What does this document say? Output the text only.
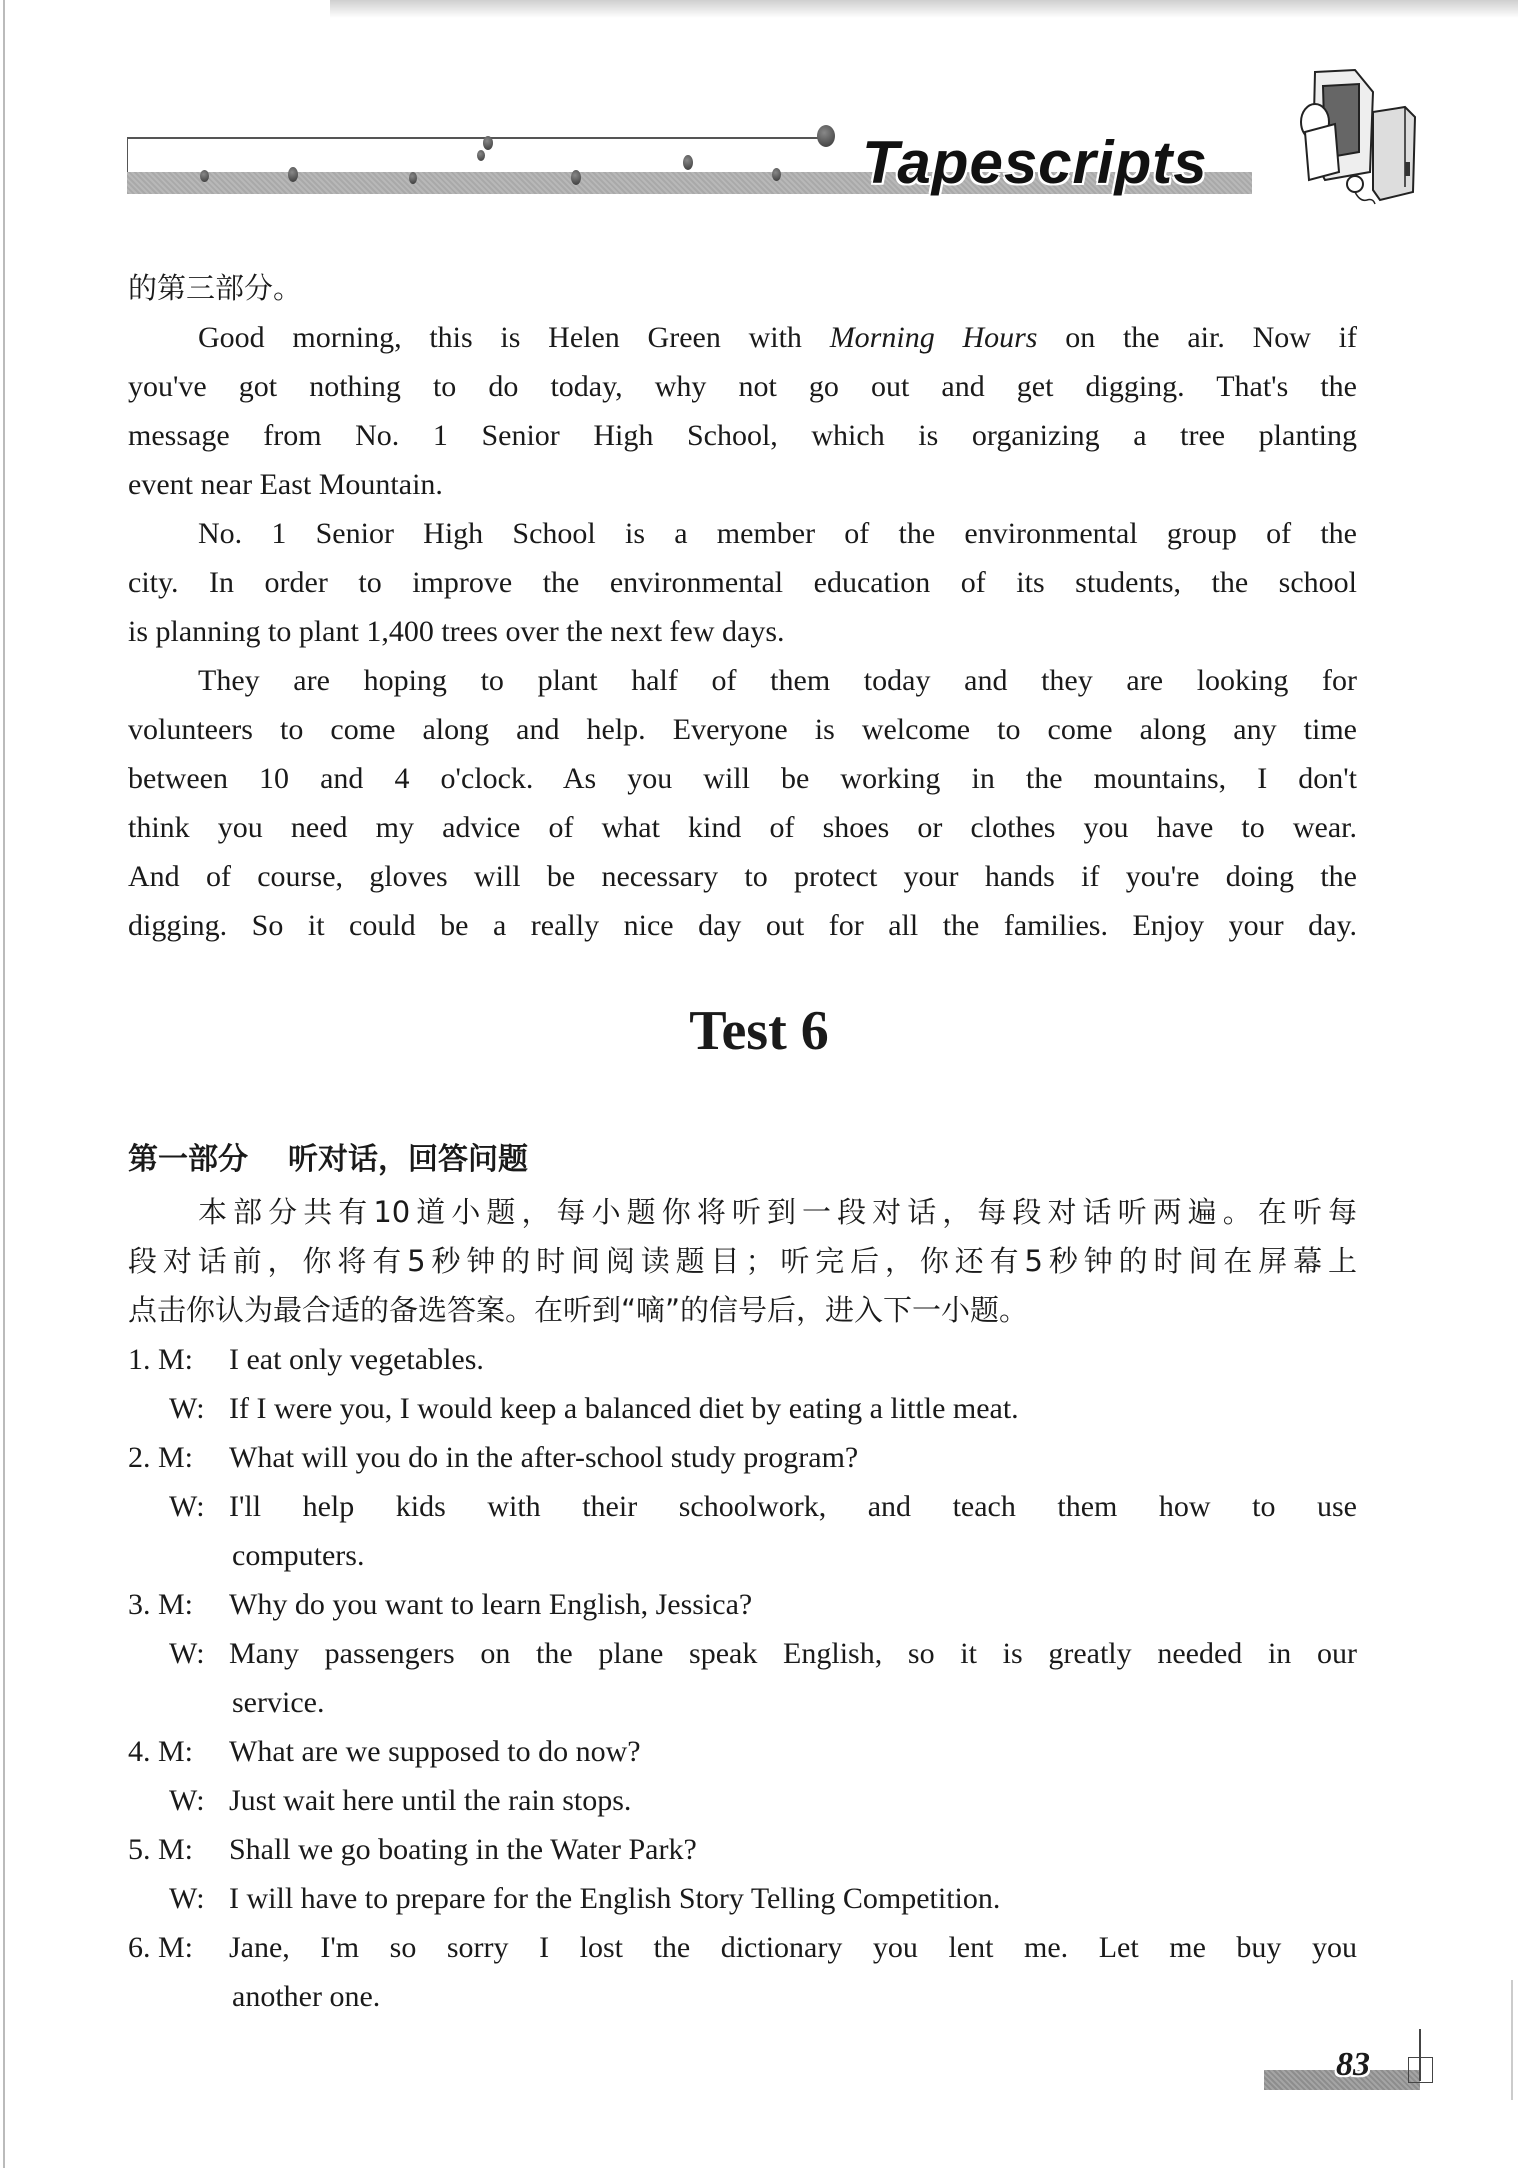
Tapescripts
的第三部分。
Good morning, this is Helen Green with Morning Hours on the air. Now if
you've got nothing to do today, why not go out and get digging. That's the
message from No. 1 Senior High School, which is organizing a tree planting
event near East Mountain.
No. 1 Senior High School is a member of the environmental group of the
city. In order to improve the environmental education of its students, the school
is planning to plant 1,400 trees over the next few days.
They are hoping to plant half of them today and they are looking for
volunteers to come along and help. Everyone is welcome to come along any time
between 10 and 4 o'clock. As you will be working in the mountains, I don't
think you need my advice of what kind of shoes or clothes you have to wear.
And of course, gloves will be necessary to protect your hands if you're doing the
digging. So it could be a really nice day out for all the families. Enjoy your day.
Test 6
第一部分 听对话，回答问题
本部分共有10道小题，每小题你将听到一段对话，每段对话听两遍。在听每
段对话前，你将有5秒钟的时间阅读题目；听完后，你还有5秒钟的时间在屏幕上
点击你认为最合适的备选答案。在听到“嘀”的信号后，进入下一小题。
1. M: I eat only vegetables.
W: If I were you, I would keep a balanced diet by eating a little meat.
2. M: What will you do in the after-school study program?
W: I'll help kids with their schoolwork, and teach them how to use
computers.
3. M: Why do you want to learn English, Jessica?
W: Many passengers on the plane speak English, so it is greatly needed in our
service.
4. M: What are we supposed to do now?
W: Just wait here until the rain stops.
5. M: Shall we go boating in the Water Park?
W: I will have to prepare for the English Story Telling Competition.
6. M: Jane, I'm so sorry I lost the dictionary you lent me. Let me buy you
another one.
83
